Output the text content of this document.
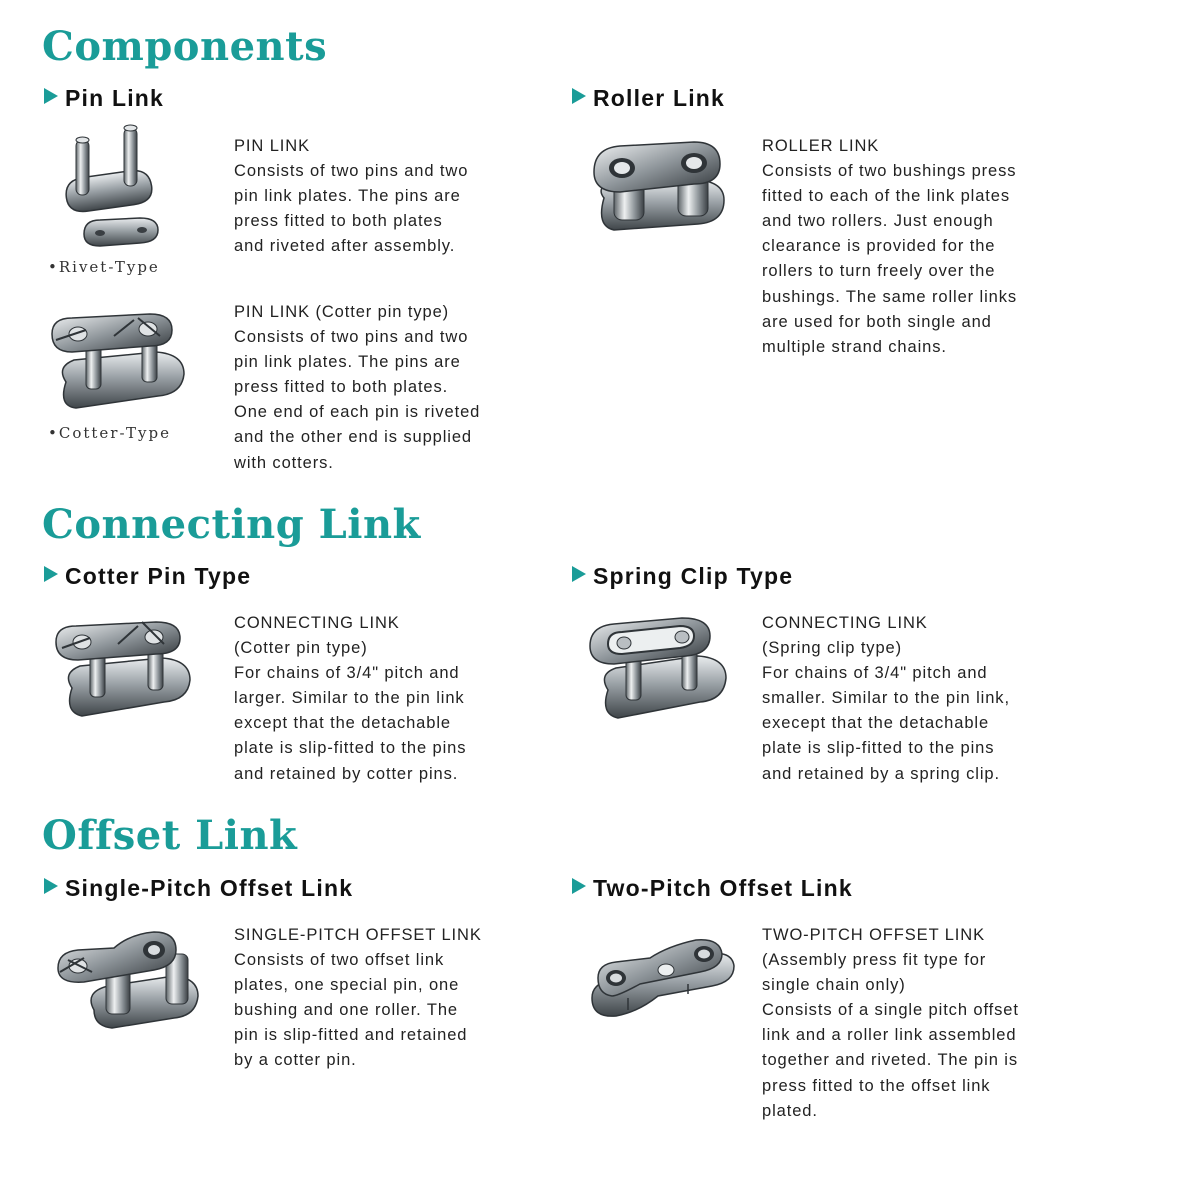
Components
Pin Link
•Rivet-Type
PIN LINK
Consists of two pins and two
pin link plates. The pins are
press fitted to both plates
and riveted after assembly.
•Cotter-Type
PIN LINK (Cotter pin type)
Consists of two pins and two
pin link plates. The pins are
press fitted to both plates.
One end of each pin is riveted
and the other end is supplied
with cotters.
Roller Link
ROLLER LINK
Consists of two bushings press
fitted to each of the link plates
and two rollers. Just enough
clearance is provided for the
rollers to turn freely over the
bushings. The same roller links
are used for both single and
multiple strand chains.
Connecting Link
Cotter Pin Type
CONNECTING LINK
(Cotter pin type)
For chains of 3/4" pitch and
larger. Similar to the pin link
except that the detachable
plate is slip-fitted to the pins
and retained by cotter pins.
Spring Clip Type
CONNECTING LINK
(Spring clip type)
For chains of 3/4" pitch and
smaller. Similar to the pin link,
execept that the detachable
plate is slip-fitted to the pins
and retained by a spring clip.
Offset Link
Single-Pitch Offset Link
SINGLE-PITCH OFFSET LINK
Consists of two offset link
plates, one special pin, one
bushing and one roller. The
pin is slip-fitted and retained
by a cotter pin.
Two-Pitch Offset Link
TWO-PITCH OFFSET LINK
(Assembly press fit type for
single chain only)
Consists of a single pitch offset
link and a roller link assembled
together and riveted. The pin is
press fitted to the offset link
plated.
